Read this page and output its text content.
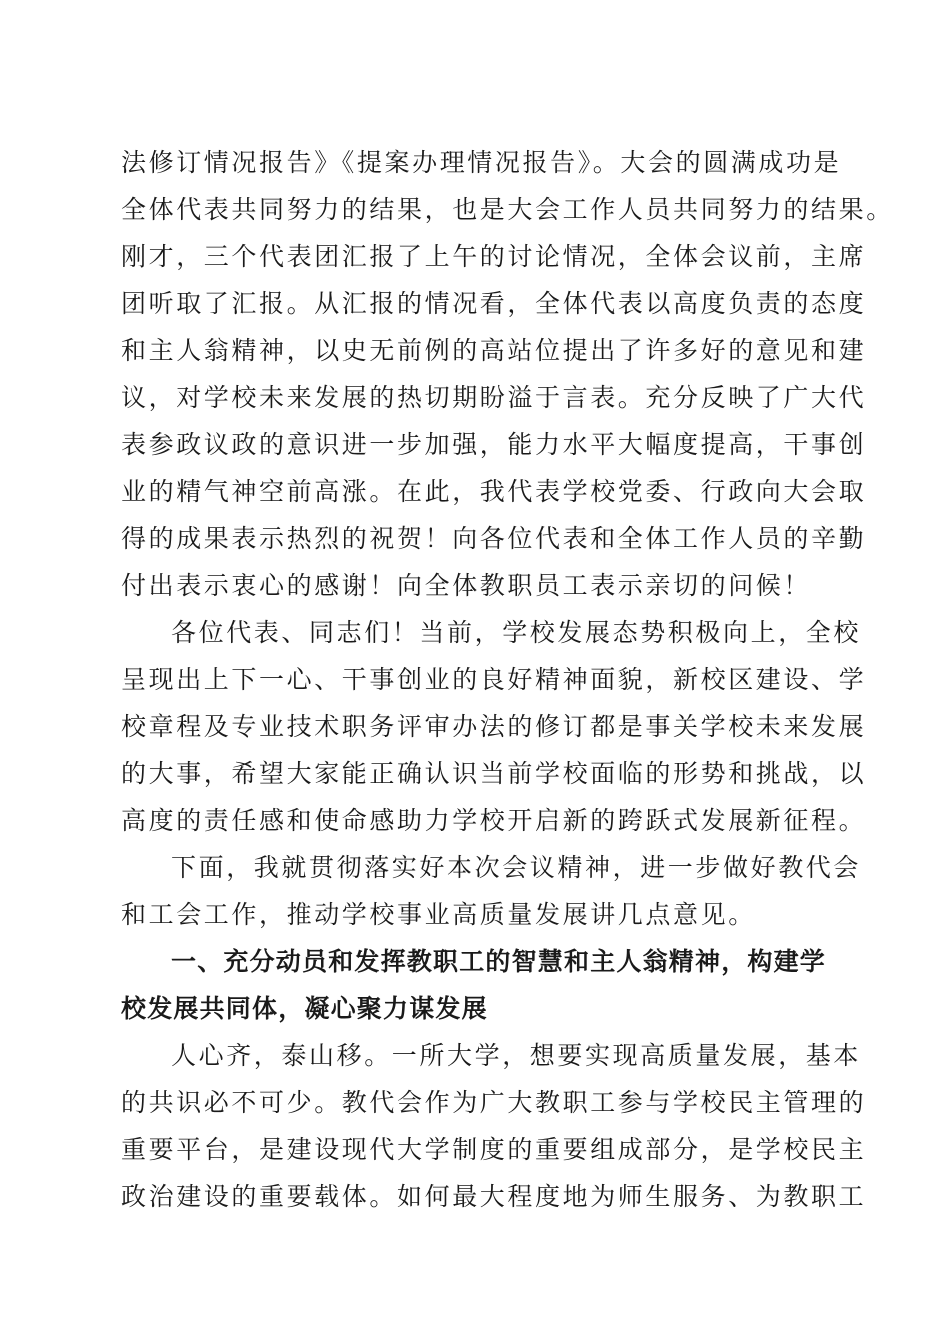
法修订情况报告》《提案办理情况报告》。大会的圆满成功是
全体代表共同努力的结果，也是大会工作人员共同努力的结果。
刚才，三个代表团汇报了上午的讨论情况，全体会议前，主席
团听取了汇报。从汇报的情况看，全体代表以高度负责的态度
和主人翁精神，以史无前例的高站位提出了许多好的意见和建
议，对学校未来发展的热切期盼溢于言表。充分反映了广大代
表参政议政的意识进一步加强，能力水平大幅度提高，干事创
业的精气神空前高涨。在此，我代表学校党委、行政向大会取
得的成果表示热烈的祝贺！向各位代表和全体工作人员的辛勤
付出表示衷心的感谢！向全体教职员工表示亲切的问候！
各位代表、同志们！当前，学校发展态势积极向上，全校
呈现出上下一心、干事创业的良好精神面貌，新校区建设、学
校章程及专业技术职务评审办法的修订都是事关学校未来发展
的大事，希望大家能正确认识当前学校面临的形势和挑战，以
高度的责任感和使命感助力学校开启新的跨跃式发展新征程。
下面，我就贯彻落实好本次会议精神，进一步做好教代会
和工会工作，推动学校事业高质量发展讲几点意见。
一、充分动员和发挥教职工的智慧和主人翁精神，构建学
校发展共同体，凝心聚力谋发展
人心齐，泰山移。一所大学，想要实现高质量发展，基本
的共识必不可少。教代会作为广大教职工参与学校民主管理的
重要平台，是建设现代大学制度的重要组成部分，是学校民主
政治建设的重要载体。如何最大程度地为师生服务、为教职工
